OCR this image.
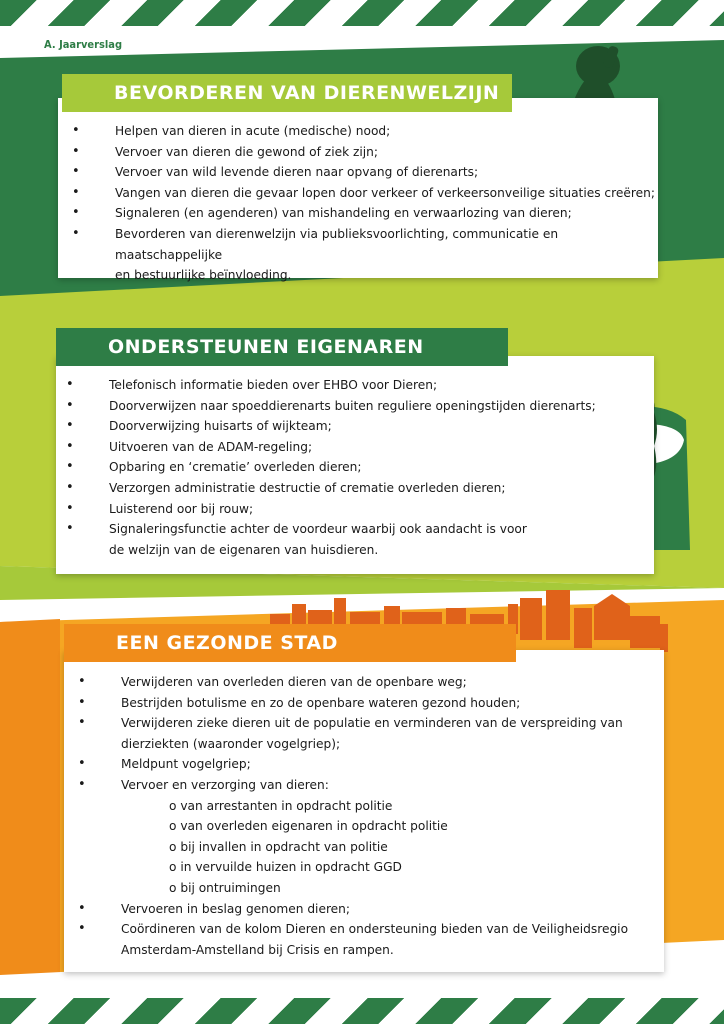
A. Jaarverslag
BEVORDEREN VAN DIERENWELZIJN
• Helpen van dieren in acute (medische) nood;
• Vervoer van dieren die gewond of ziek zijn;
• Vervoer van wild levende dieren naar opvang of dierenarts;
• Vangen van dieren die gevaar lopen door verkeer of verkeersonveilige situaties creëren;
• Signaleren (en agenderen) van mishandeling en verwaarlozing van dieren;
• Bevorderen van dierenwelzijn via publieksvoorlichting, communicatie en maatschappelijke
en bestuurlijke beïnvloeding.
ONDERSTEUNEN EIGENAREN
• Telefonisch informatie bieden over EHBO voor Dieren;
• Doorverwijzen naar spoeddierenarts buiten reguliere openingstijden dierenarts;
• Doorverwijzing huisarts of wijkteam;
• Uitvoeren van de ADAM-regeling;
• Opbaring en ‘crematie’ overleden dieren;
• Verzorgen administratie destructie of crematie overleden dieren;
• Luisterend oor bij rouw;
• Signaleringsfunctie achter de voordeur waarbij ook aandacht is voor
de welzijn van de eigenaren van huisdieren.
EEN GEZONDE STAD
• Verwijderen van overleden dieren van de openbare weg;
• Bestrijden botulisme en zo de openbare wateren gezond houden;
• Verwijderen zieke dieren uit de populatie en verminderen van de verspreiding van
dierziekten (waaronder vogelgriep);
• Meldpunt vogelgriep;
• Vervoer en verzorging van dieren:
o van arrestanten in opdracht politie
o van overleden eigenaren in opdracht politie
o bij invallen in opdracht van politie
o in vervuilde huizen in opdracht GGD
o bij ontruimingen
• Vervoeren in beslag genomen dieren;
• Coördineren van de kolom Dieren en ondersteuning bieden van de Veiligheidsregio
Amsterdam-Amstelland bij Crisis en rampen.
